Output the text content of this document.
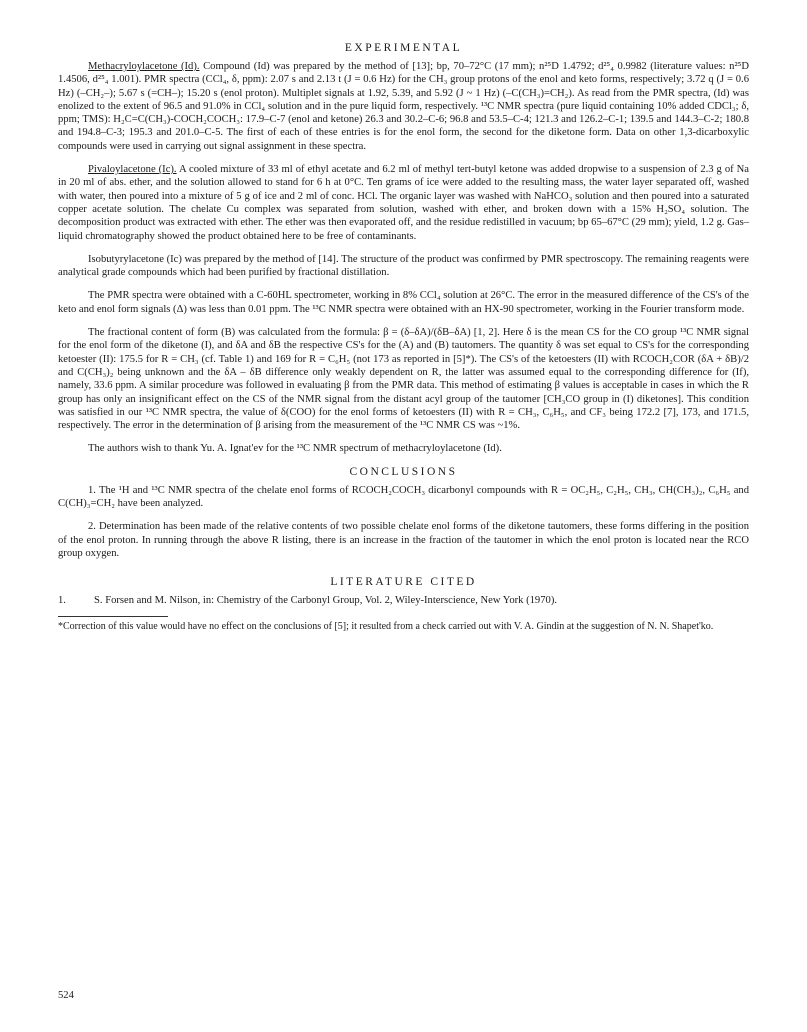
EXPERIMENTAL

Methacryloylacetone (Id). Compound (Id) was prepared by the method of [13]; bp, 70–72°C (17 mm); n²⁵D 1.4792; d²⁵₄ 0.9982 (literature values: n²⁵D 1.4506, d²⁵₄ 1.001). PMR spectra (CCl₄, δ, ppm): 2.07 s and 2.13 t (J = 0.6 Hz) for the CH₃ group protons of the enol and keto forms, respectively; 3.72 q (J = 0.6 Hz) (–CH₂–); 5.67 s (=CH–); 15.20 s (enol proton). Multiplet signals at 1.92, 5.39, and 5.92 (J ~ 1 Hz) (–C(CH₃)=CH₂). As read from the PMR spectra, (Id) was enolized to the extent of 96.5 and 91.0% in CCl₄ solution and in the pure liquid form, respectively. ¹³C NMR spectra (pure liquid containing 10% added CDCl₃; δ, ppm; TMS): H₂C=C(CH₃)-COCH₂COCH₃: 17.9–C-7 (enol and ketone) 26.3 and 30.2–C-6; 96.8 and 53.5–C-4; 121.3 and 126.2–C-1; 139.5 and 144.3–C-2; 180.8 and 194.8–C-3; 195.3 and 201.0–C-5. The first of each of these entries is for the enol form, the second for the diketone form. Data on other 1,3-dicarboxylic compounds were used in carrying out signal assignment in these spectra.

Pivaloylacetone (Ic). A cooled mixture of 33 ml of ethyl acetate and 6.2 ml of methyl tert-butyl ketone was added dropwise to a suspension of 2.3 g of Na in 20 ml of abs. ether, and the solution allowed to stand for 6 h at 0°C. Ten grams of ice were added to the resulting mass, the water layer separated off, washed with water, then poured into a mixture of 5 g of ice and 2 ml of conc. HCl. The organic layer was washed with NaHCO₃ solution and then poured into a saturated copper acetate solution. The chelate Cu complex was separated from solution, washed with ether, and broken down with a 15% H₂SO₄ solution. The decomposition product was extracted with ether. The ether was then evaporated off, and the residue redistilled in vacuum; bp 65–67°C (29 mm); yield, 1.2 g. Gas–liquid chromatography showed the product obtained here to be free of contaminants.

Isobutyrylacetone (Ic) was prepared by the method of [14]. The structure of the product was confirmed by PMR spectroscopy. The remaining reagents were analytical grade compounds which had been purified by fractional distillation.

The PMR spectra were obtained with a C-60HL spectrometer, working in 8% CCl₄ solution at 26°C. The error in the measured difference of the CS's of the keto and enol form signals (Δ) was less than 0.01 ppm. The ¹³C NMR spectra were obtained with an HX-90 spectrometer, working in the Fourier transform mode.

The fractional content of form (B) was calculated from the formula: β = (δ–δA)/(δB–δA) [1, 2]. Here δ is the mean CS for the CO group ¹³C NMR signal for the enol form of the diketone (I), and δA and δB the respective CS's for the (A) and (B) tautomers. The quantity δ was set equal to CS's for the corresponding ketoester (II): 175.5 for R = CH₃ (cf. Table 1) and 169 for R = C₆H₅ (not 173 as reported in [5]*). The CS's of the ketoesters (II) with RCOCH₂COR (δA + δB)/2 and C(CH₃)₂ being unknown and the δA – δB difference only weakly dependent on R, the latter was assumed equal to the corresponding difference for (If), namely, 33.6 ppm. A similar procedure was followed in evaluating β from the PMR data. This method of estimating β values is acceptable in cases in which the R group has only an insignificant effect on the CS of the NMR signal from the distant acyl group of the tautomer [CH₃CO group in (I) diketones]. This condition was satisfied in our ¹³C NMR spectra, the value of δ(COO) for the enol forms of ketoesters (II) with R = CH₃, C₆H₅, and CF₃ being 172.2 [7], 173, and 171.5, respectively. The error in the determination of β arising from the measurement of the ¹³C NMR CS was ~1%.

The authors wish to thank Yu. A. Ignat'ev for the ¹³C NMR spectrum of methacryloylacetone (Id).

CONCLUSIONS

1. The ¹H and ¹³C NMR spectra of the chelate enol forms of RCOCH₂COCH₃ dicarbonyl compounds with R = OC₂H₅, C₂H₅, CH₃, CH(CH₃)₂, C₆H₅ and C(CH)₃=CH₂ have been analyzed.

2. Determination has been made of the relative contents of two possible chelate enol forms of the diketone tautomers, these forms differing in the position of the enol proton. In running through the above R listing, there is an increase in the fraction of the tautomer in which the enol proton is located near the RCO group oxygen.

LITERATURE CITED
1.	S. Forsen and M. Nilson, in: Chemistry of the Carbonyl Group, Vol. 2, Wiley-Interscience, New York (1970).

*Correction of this value would have no effect on the conclusions of [5]; it resulted from a check carried out with V. A. Gindin at the suggestion of N. N. Shapet'ko.

524
